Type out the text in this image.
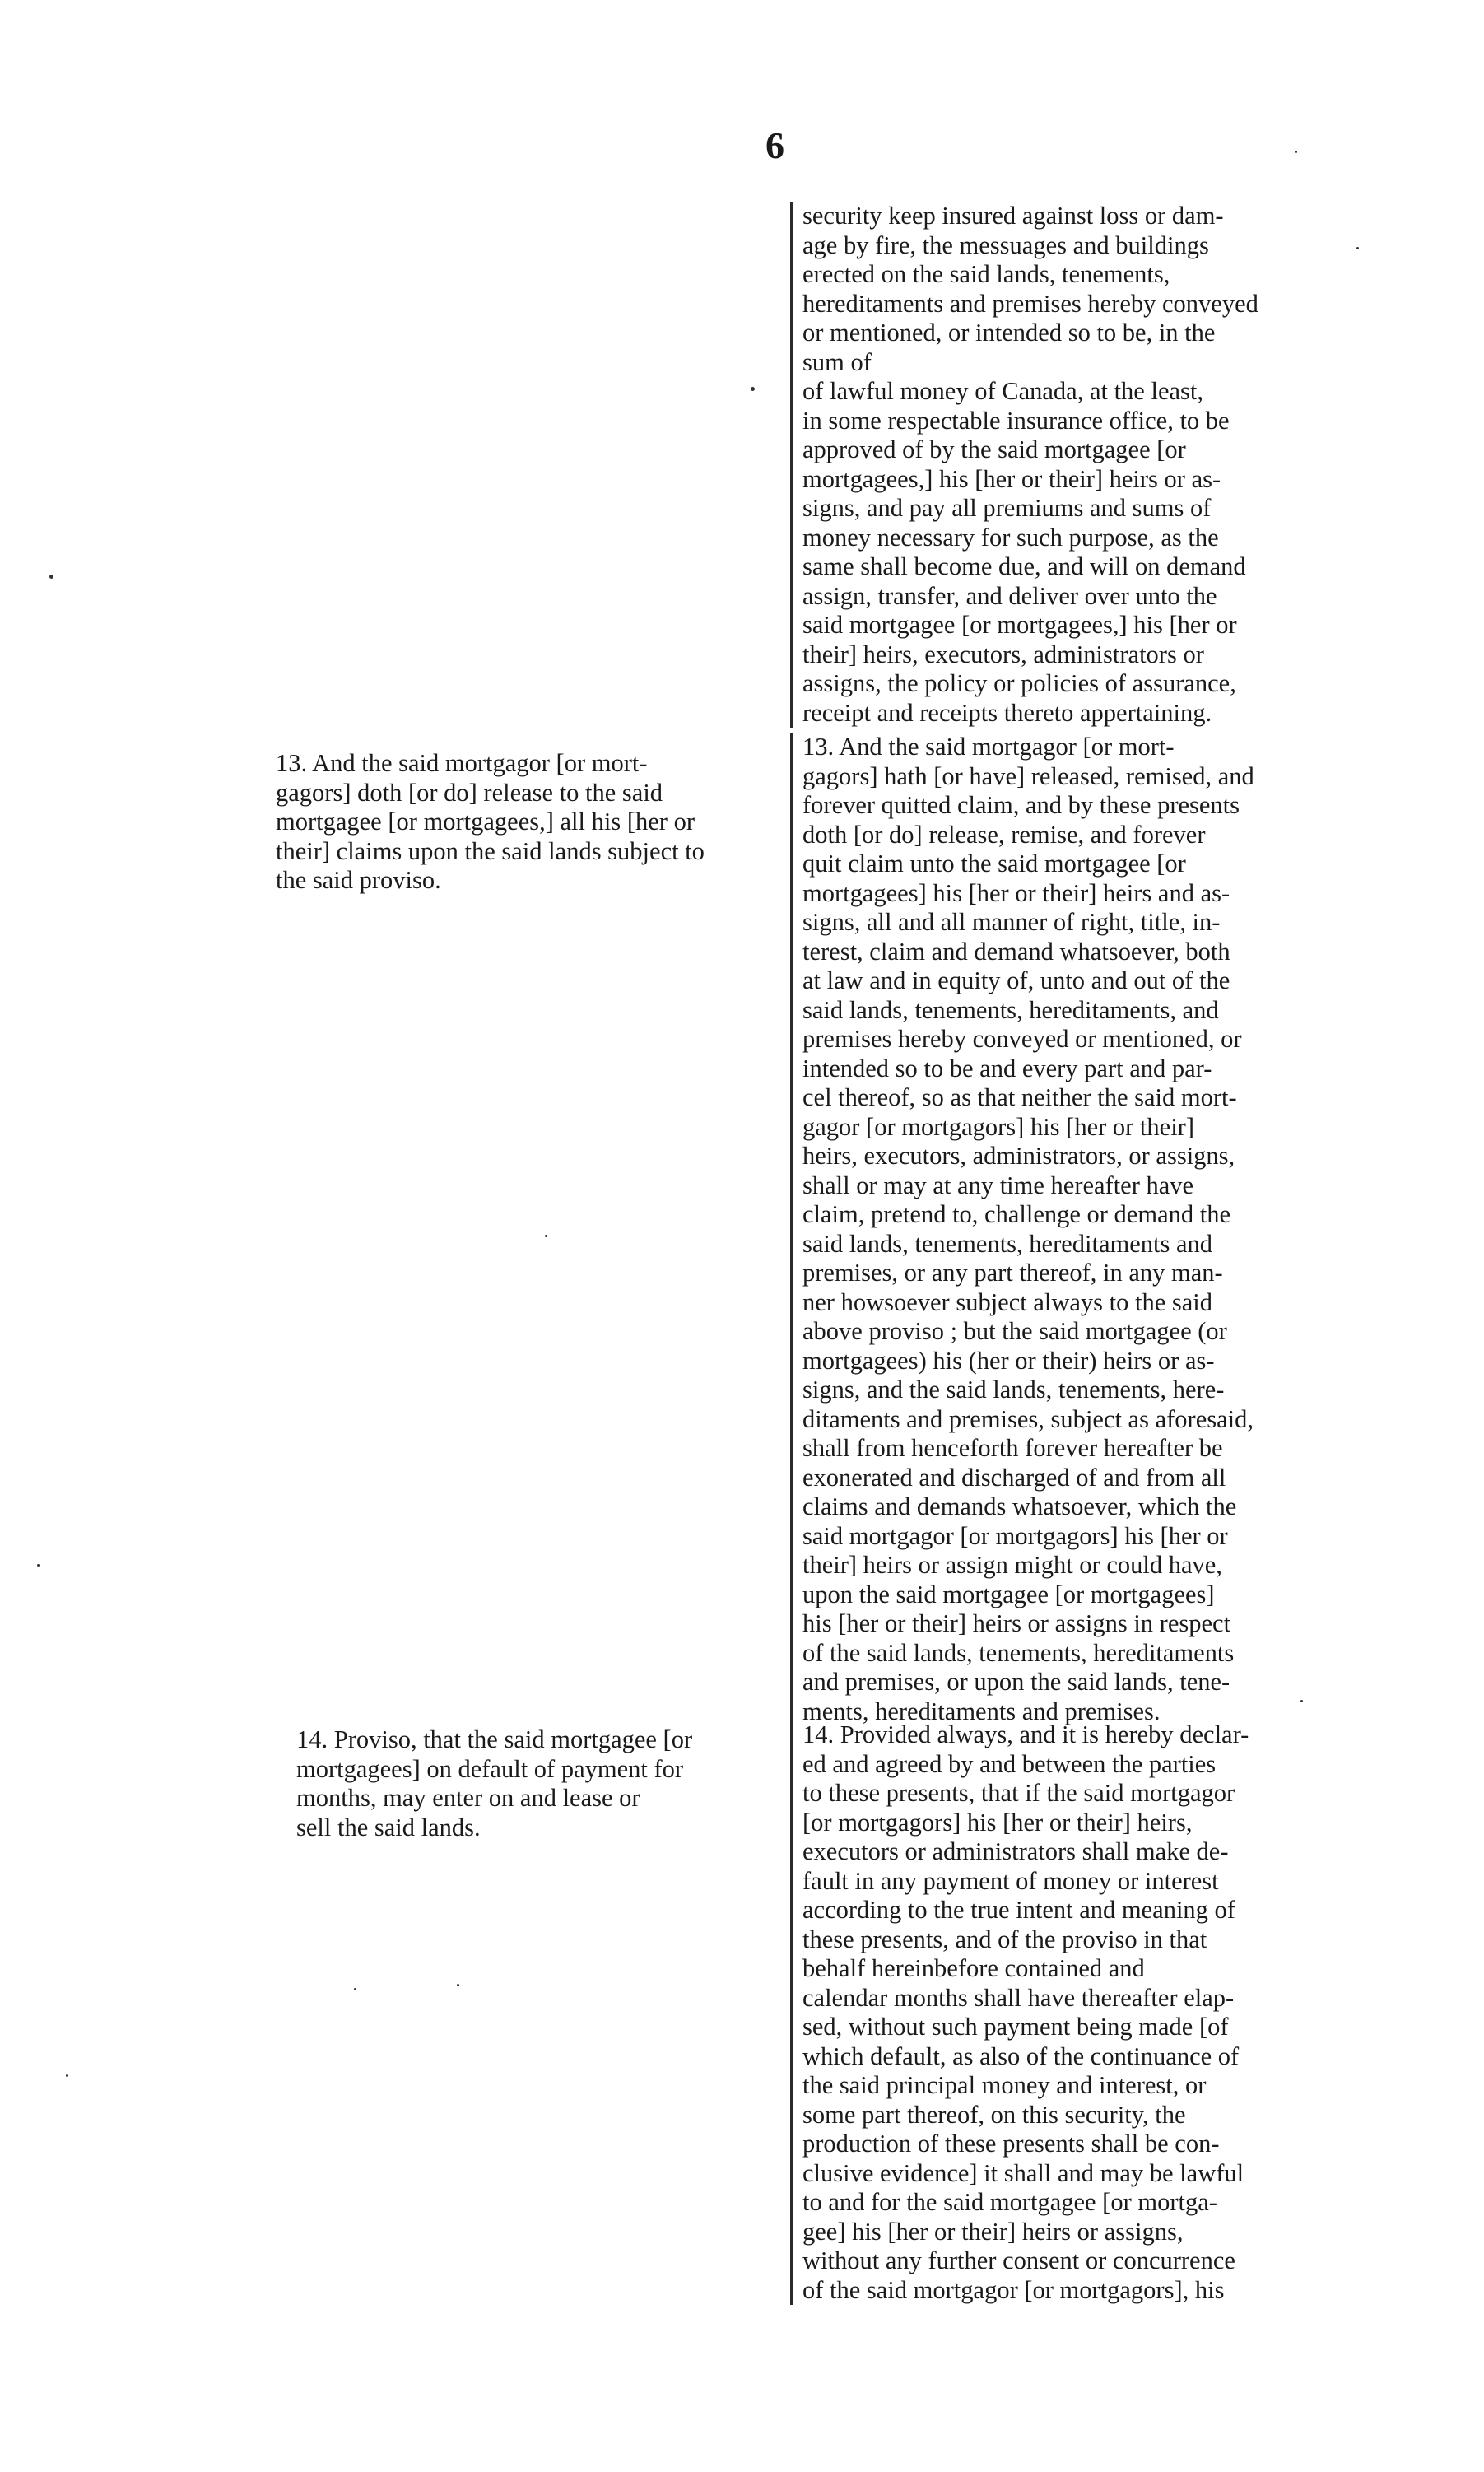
6
security keep insured against loss or dam-
age by fire, the messuages and buildings
erected on the said lands, tenements,
hereditaments and premises hereby conveyed
or mentioned, or intended so to be, in the
sum of
of lawful money of Canada, at the least,
in some respectable insurance office, to be
approved of by the said mortgagee [or
mortgagees,] his [her or their] heirs or as-
signs, and pay all premiums and sums of
money necessary for such purpose, as the
same shall become due, and will on demand
assign, transfer, and deliver over unto the
said mortgagee [or mortgagees,] his [her or
their] heirs, executors, administrators or
assigns, the policy or policies of assurance,
receipt and receipts thereto appertaining.
13. And the said mortgagor [or mort-
gagors] doth [or do] release to the said
mortgagee [or mortgagees,] all his [her or
their] claims upon the said lands subject to
the said proviso.
13. And the said mortgagor [or mort-
gagors] hath [or have] released, remised, and
forever quitted claim, and by these presents
doth [or do] release, remise, and forever
quit claim unto the said mortgagee [or
mortgagees] his [her or their] heirs and as-
signs, all and all manner of right, title, in-
terest, claim and demand whatsoever, both
at law and in equity of, unto and out of the
said lands, tenements, hereditaments, and
premises hereby conveyed or mentioned, or
intended so to be and every part and par-
cel thereof, so as that neither the said mort-
gagor [or mortgagors] his [her or their]
heirs, executors, administrators, or assigns,
shall or may at any time hereafter have
claim, pretend to, challenge or demand the
said lands, tenements, hereditaments and
premises, or any part thereof, in any man-
ner howsoever subject always to the said
above proviso ; but the said mortgagee (or
mortgagees) his (her or their) heirs or as-
signs, and the said lands, tenements, here-
ditaments and premises, subject as aforesaid,
shall from henceforth forever hereafter be
exonerated and discharged of and from all
claims and demands whatsoever, which the
said mortgagor [or mortgagors] his [her or
their] heirs or assign might or could have,
upon the said mortgagee [or mortgagees]
his [her or their] heirs or assigns in respect
of the said lands, tenements, hereditaments
and premises, or upon the said lands, tene-
ments, hereditaments and premises.
14. Proviso, that the said mortgagee [or
mortgagees] on default of payment for
months, may enter on and lease or
sell the said lands.
14. Provided always, and it is hereby declar-
ed and agreed by and between the parties
to these presents, that if the said mortgagor
[or mortgagors] his [her or their] heirs,
executors or administrators shall make de-
fault in any payment of money or interest
according to the true intent and meaning of
these presents, and of the proviso in that
behalf hereinbefore contained and
calendar months shall have thereafter elap-
sed, without such payment being made [of
which default, as also of the continuance of
the said principal money and interest, or
some part thereof, on this security, the
production of these presents shall be con-
clusive evidence] it shall and may be lawful
to and for the said mortgagee [or mortga-
gee] his [her or their] heirs or assigns,
without any further consent or concurrence
of the said mortgagor [or mortgagors], his
